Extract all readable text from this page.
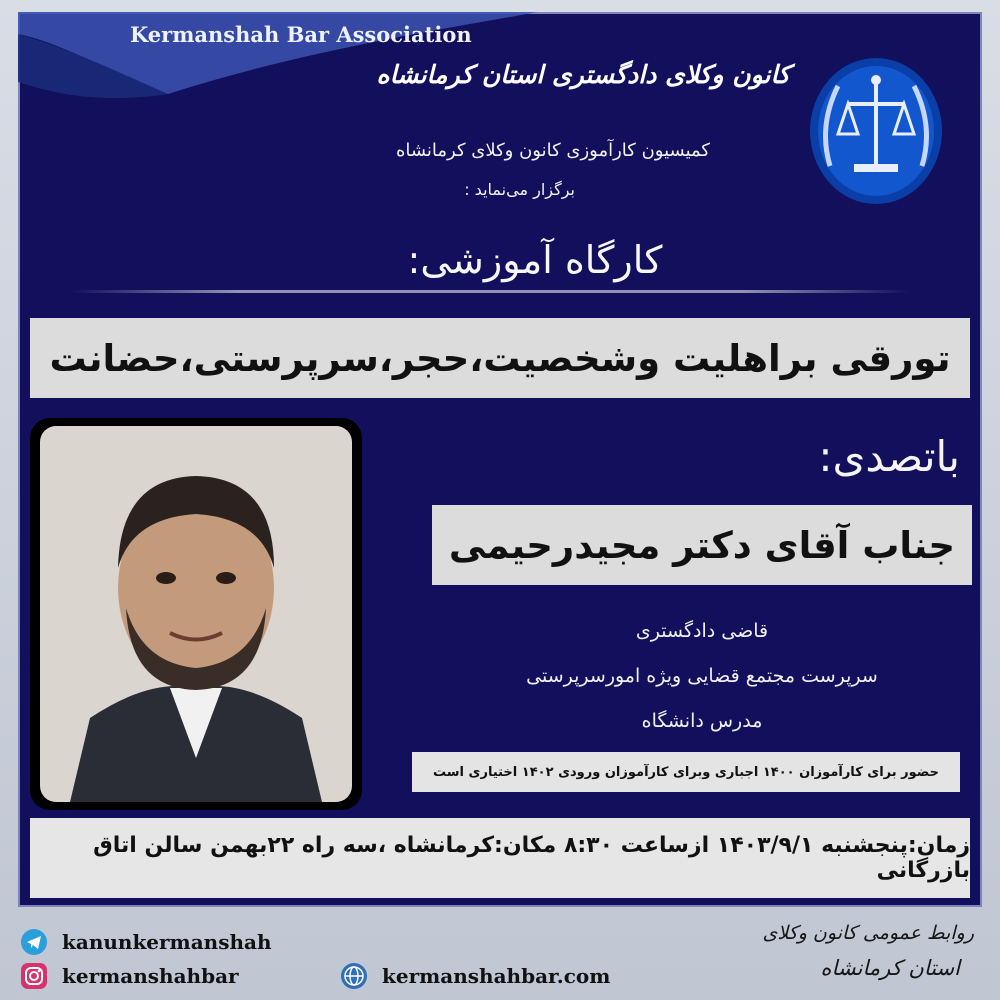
Kermanshah Bar Association
کانون وکلای دادگستری استان کرمانشاه
کمیسیون کارآموزی کانون وکلای کرمانشاه
برگزار می‌نماید :
کارگاه آموزشی:
تورقی براهلیت وشخصیت،حجر،سرپرستی،حضانت
باتصدی:
جناب آقای دکتر مجیدرحیمی
قاضی دادگستری
سرپرست مجتمع قضایی ویژه امورسرپرستی
مدرس دانشگاه
حضور برای کارآموزان ۱۴۰۰ اجباری وبرای کارآموزان ورودی ۱۴۰۲ اختیاری است
زمان:پنجشنبه ۱۴۰۳/۹/۱ ازساعت ۸:۳۰ مکان:کرمانشاه ،سه راه ۲۲بهمن سالن اتاق بازرگانی
kanunkermanshah
kermanshahbar	kermanshahbar.com
روابط عمومی کانون وکلای
استان کرمانشاه
